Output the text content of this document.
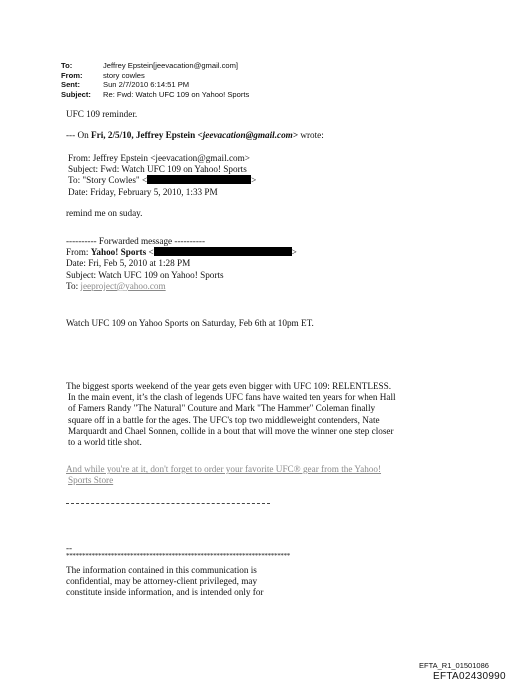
To:	Jeffrey Epstein[jeevacation@gmail.com]
From:	story cowles
Sent:	Sun 2/7/2010 6:14:51 PM
Subject:	Re: Fwd: Watch UFC 109 on Yahoo! Sports
UFC 109 reminder.
--- On Fri, 2/5/10, Jeffrey Epstein <jeevacation@gmail.com> wrote:
From: Jeffrey Epstein <jeevacation@gmail.com>
Subject: Fwd: Watch UFC 109 on Yahoo! Sports
To: "Story Cowles" <	>
Date: Friday, February 5, 2010, 1:33 PM
remind me on suday.
---------- Forwarded message ----------
From: Yahoo! Sports <	>
Date: Fri, Feb 5, 2010 at 1:28 PM
Subject: Watch UFC 109 on Yahoo! Sports
To: jeeproject@yahoo.com
Watch UFC 109 on Yahoo Sports on Saturday, Feb 6th at 10pm ET.
The biggest sports weekend of the year gets even bigger with UFC 109: RELENTLESS.
In the main event, it’s the clash of legends UFC fans have waited ten years for when Hall
of Famers Randy "The Natural" Couture and Mark "The Hammer" Coleman finally
square off in a battle for the ages. The UFC's top two middleweight contenders, Nate
Marquardt and Chael Sonnen, collide in a bout that will move the winner one step closer
to a world title shot.
And while you're at it, don't forget to order your favorite UFC® gear from the Yahoo!
Sports Store
--
**********************************************************************
The information contained in this communication is
confidential, may be attorney-client privileged, may
constitute inside information, and is intended only for
EFTA_R1_01501086
EFTA02430990
